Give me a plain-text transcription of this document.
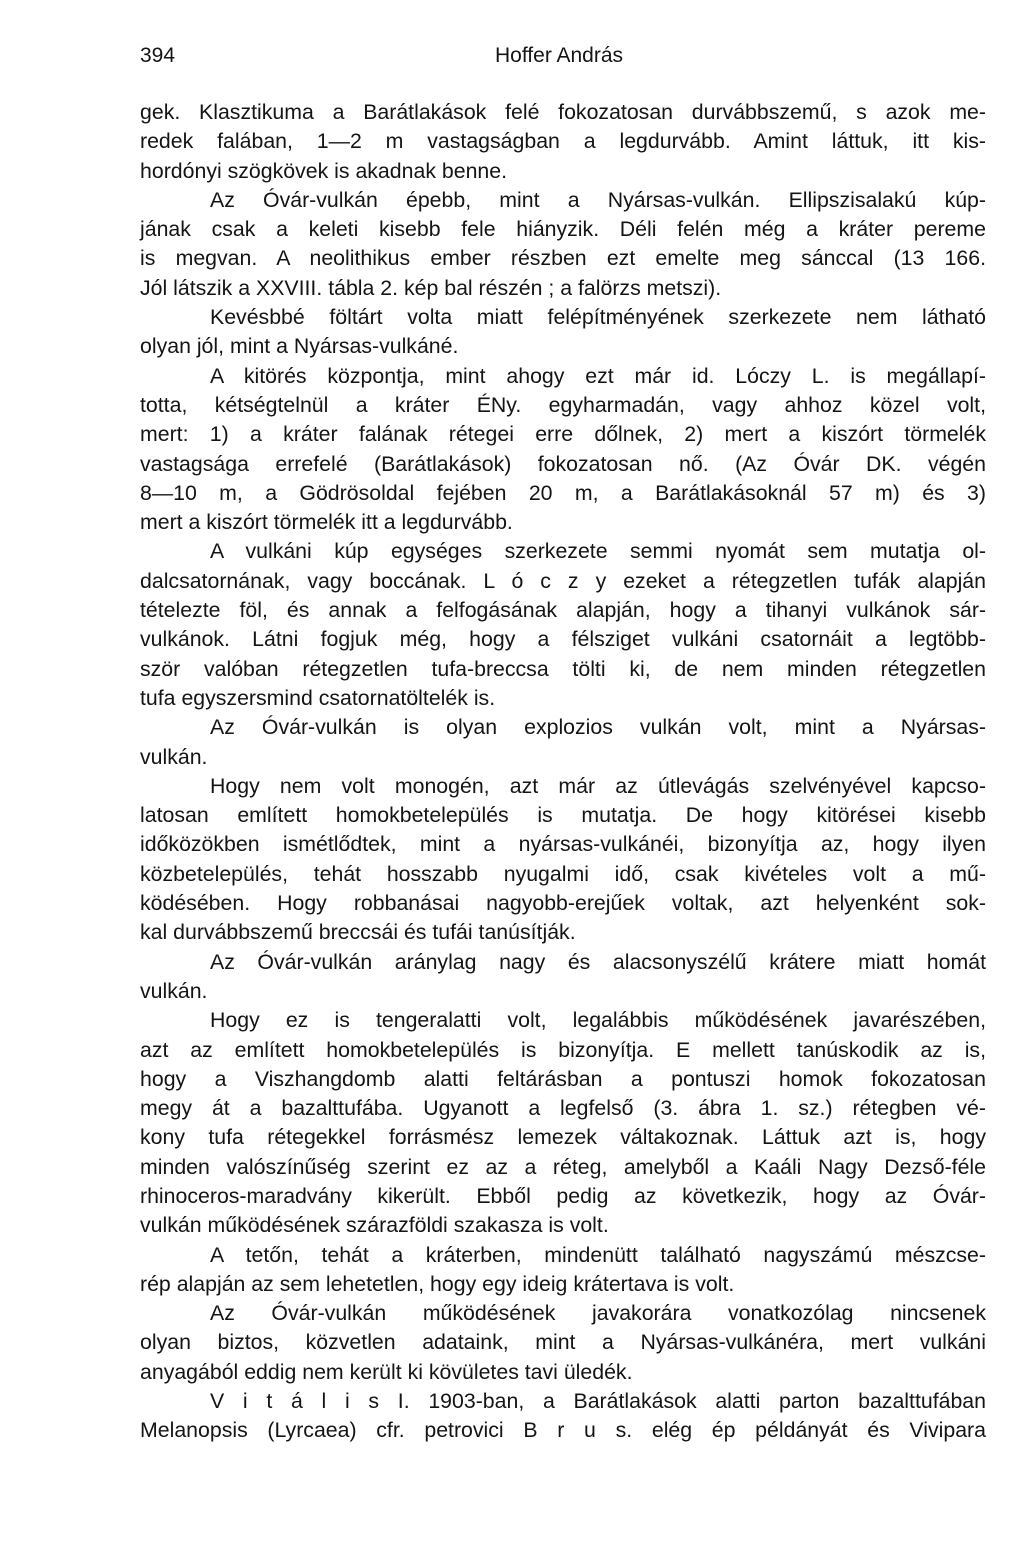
394	Hoffer András
gek. Klasztikuma a Barátlakások felé fokozatosan durvábbszemű, s azok me-
redek falában, 1—2 m vastagságban a legdurvább. Amint láttuk, itt kis-
hordónyi szögkövek is akadnak benne.
Az Óvár-vulkán épebb, mint a Nyársas-vulkán. Ellipszisalakú kúp-
jának csak a keleti kisebb fele hiányzik. Déli felén még a kráter pereme
is megvan. A neolithikus ember részben ezt emelte meg sánccal (13 166.
Jól látszik a XXVIII. tábla 2. kép bal részén ; a falörzs metszi).
Kevésbbé föltárt volta miatt felépítményének szerkezete nem látható
olyan jól, mint a Nyársas-vulkáné.
A kitörés központja, mint ahogy ezt már id. Lóczy L. is megállapí-
totta, kétségtelnül a kráter ÉNy. egyharmadán, vagy ahhoz közel volt,
mert: 1) a kráter falának rétegei erre dőlnek, 2) mert a kiszórt törmelék
vastagsága errefelé (Barátlakások) fokozatosan nő. (Az Óvár DK. végén
8—10 m, a Gödrösoldal fejében 20 m, a Barátlakásoknál 57 m) és 3)
mert a kiszórt törmelék itt a legdurvább.
A vulkáni kúp egységes szerkezete semmi nyomát sem mutatja ol-
dalcsatornának, vagy boccának. L ó c z y ezeket a rétegzetlen tufák alapján
tételezte föl, és annak a felfogásának alapján, hogy a tihanyi vulkánok sár-
vulkánok. Látni fogjuk még, hogy a félsziget vulkáni csatornáit a legtöbb-
ször valóban rétegzetlen tufa-breccsa tölti ki, de nem minden rétegzetlen
tufa egyszersmind csatornatöltelék is.
Az Óvár-vulkán is olyan explozios vulkán volt, mint a Nyársas-
vulkán.
Hogy nem volt monogén, azt már az útlevágás szelvényével kapcso-
latosan említett homokbetelepülés is mutatja. De hogy kitörései kisebb
időközökben ismétlődtek, mint a nyársas-vulkánéi, bizonyítja az, hogy ilyen
közbetelepülés, tehát hosszabb nyugalmi idő, csak kivételes volt a mű-
ködésében. Hogy robbanásai nagyobb-erejűek voltak, azt helyenként sok-
kal durvábbszemű breccsái és tufái tanúsítják.
Az Óvár-vulkán aránylag nagy és alacsonyszélű krátere miatt homát
vulkán.
Hogy ez is tengeralatti volt, legalábbis működésének javarészében,
azt az említett homokbetelepülés is bizonyítja. E mellett tanúskodik az is,
hogy a Viszhangdomb alatti feltárásban a pontuszi homok fokozatosan
megy át a bazalttufába. Ugyanott a legfelső (3. ábra 1. sz.) rétegben vé-
kony tufa rétegekkel forrásmész lemezek váltakoznak. Láttuk azt is, hogy
minden valószínűség szerint ez az a réteg, amelyből a Kaáli Nagy Dezső-féle
rhinoceros-maradvány kikerült. Ebből pedig az következik, hogy az Óvár-
vulkán működésének szárazföldi szakasza is volt.
A tetőn, tehát a kráterben, mindenütt található nagyszámú mészcse-
rép alapján az sem lehetetlen, hogy egy ideig krátertava is volt.
Az Óvár-vulkán működésének javakorára vonatkozólag nincsenek
olyan biztos, közvetlen adataink, mint a Nyársas-vulkánéra, mert vulkáni
anyagából eddig nem került ki kövületes tavi üledék.
V i t á l i s I. 1903-ban, a Barátlakások alatti parton bazalttufában
Melanopsis (Lyrcaea) cfr. petrovici B r u s. elég ép példányát és Vivipara
